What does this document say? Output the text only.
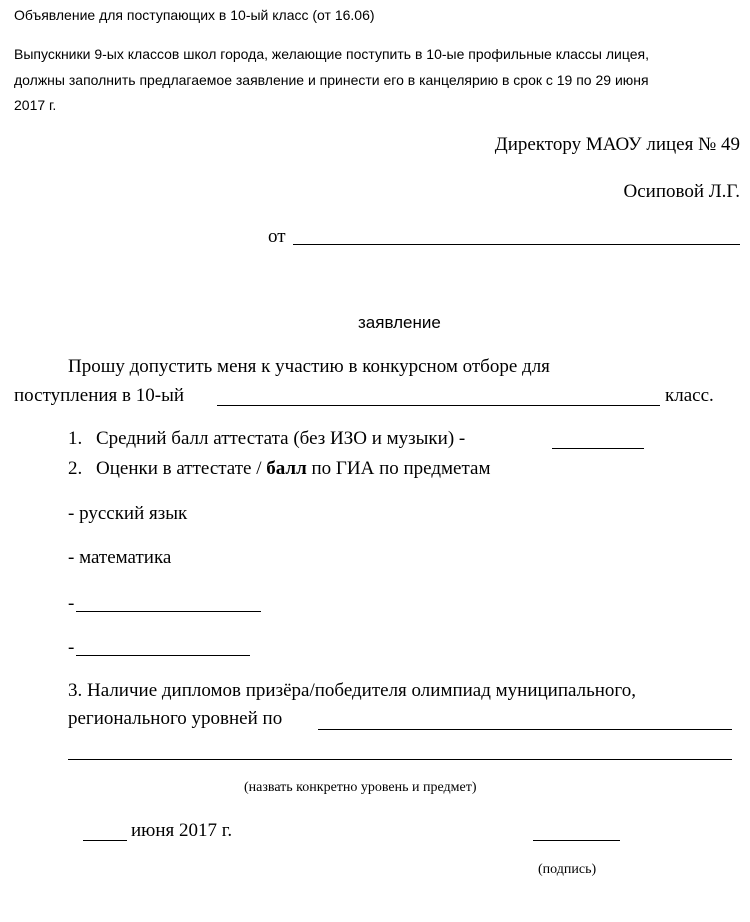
Объявление для поступающих в 10-ый класс (от 16.06)
Выпускники 9-ых классов школ города, желающие поступить в 10-ые профильные классы лицея,
должны заполнить предлагаемое заявление и принести его в канцелярию в срок с 19 по 29 июня
2017 г.
Директору МАОУ лицея № 49
Осиповой Л.Г.
от
заявление
Прошу допустить меня к участию в конкурсном отборе для
поступления в 10-ый	класс.
1. Средний балл аттестата (без ИЗО и музыки) -
2. Оценки в аттестате / балл по ГИА по предметам
- русский язык
- математика
-
-
3. Наличие дипломов призёра/победителя олимпиад муниципального,
регионального уровней по
(назвать конкретно уровень и предмет)
июня 2017 г.
(подпись)
